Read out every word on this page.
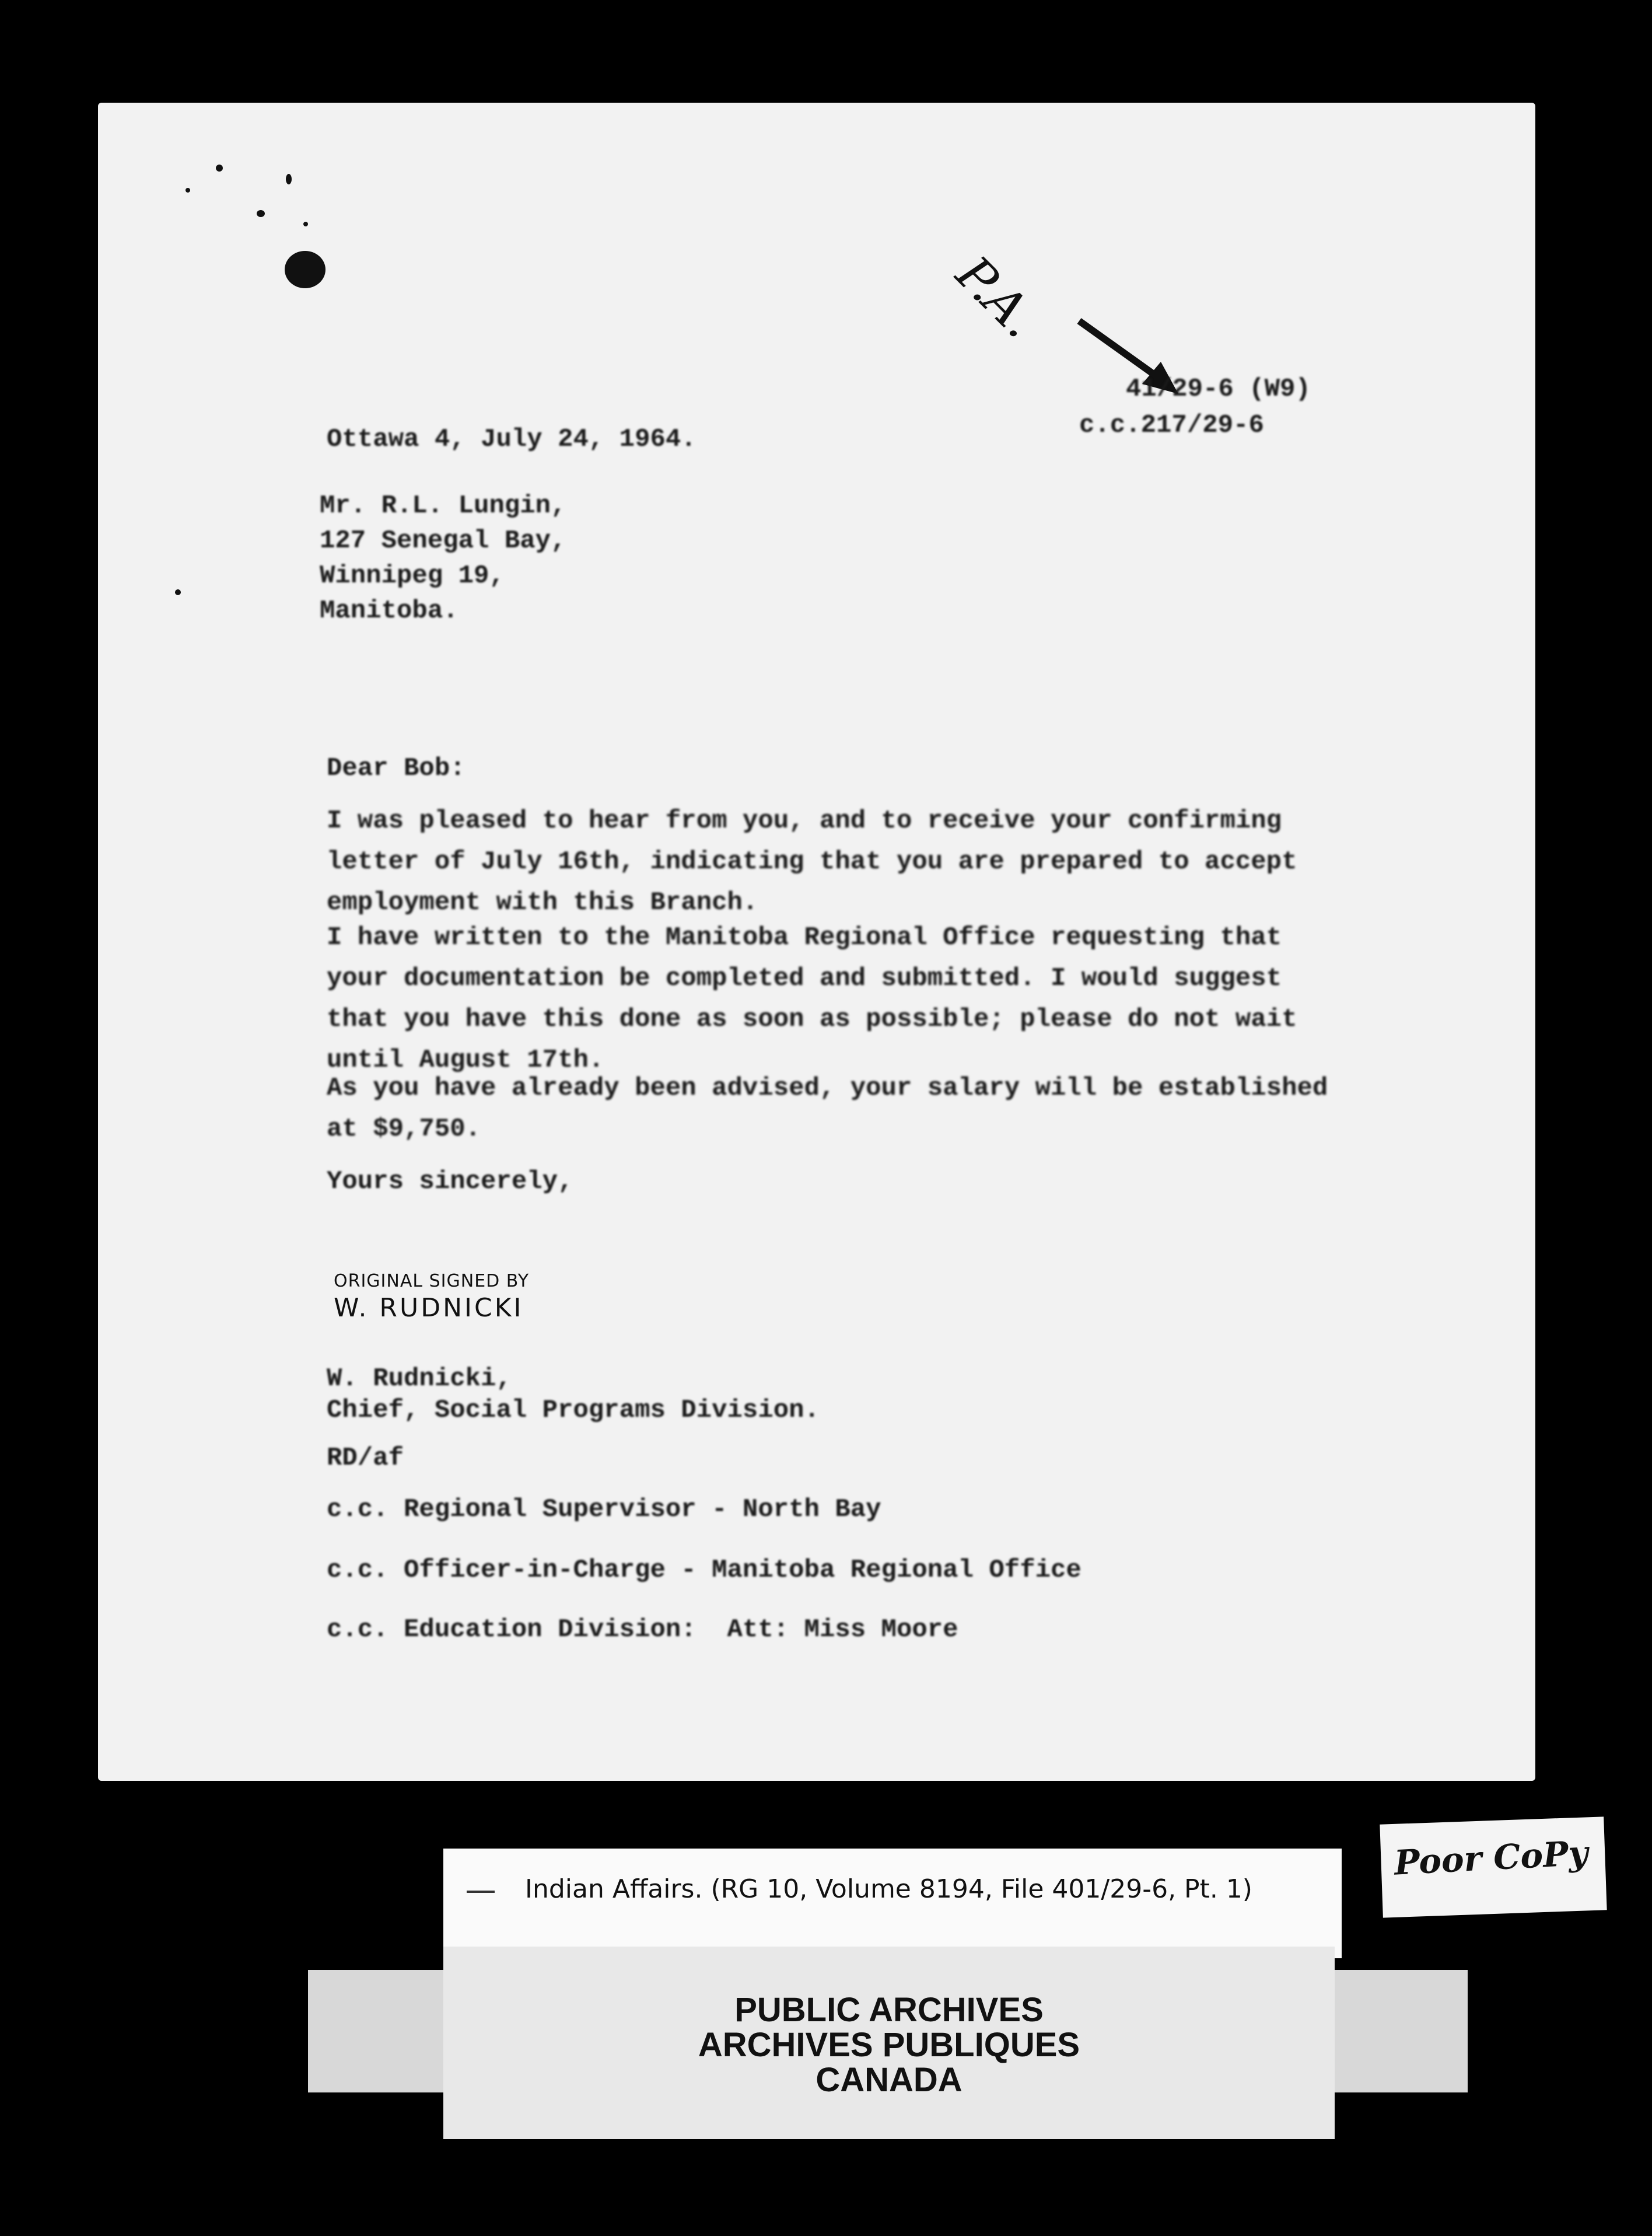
P.A.
41/29-6 (W9)
c.c.217/29-6
Ottawa 4, July 24, 1964.
Mr. R.L. Lungin,
127 Senegal Bay,
Winnipeg 19,
Manitoba.
Dear Bob:
I was pleased to hear from you, and to receive your confirming
letter of July 16th, indicating that you are prepared to accept
employment with this Branch.
I have written to the Manitoba Regional Office requesting that
your documentation be completed and submitted. I would suggest
that you have this done as soon as possible; please do not wait
until August 17th.
As you have already been advised, your salary will be established
at $9,750.
Yours sincerely,
ORIGINAL SIGNED BY
W. RUDNICKI
W. Rudnicki,
Chief, Social Programs Division.
RD/af
c.c. Regional Supervisor - North Bay
c.c. Officer-in-Charge - Manitoba Regional Office
c.c. Education Division:  Att: Miss Moore
Poor CoPy
Indian Affairs. (RG 10, Volume 8194, File 401/29-6, Pt. 1)
PUBLIC ARCHIVES
ARCHIVES PUBLIQUES
CANADA
